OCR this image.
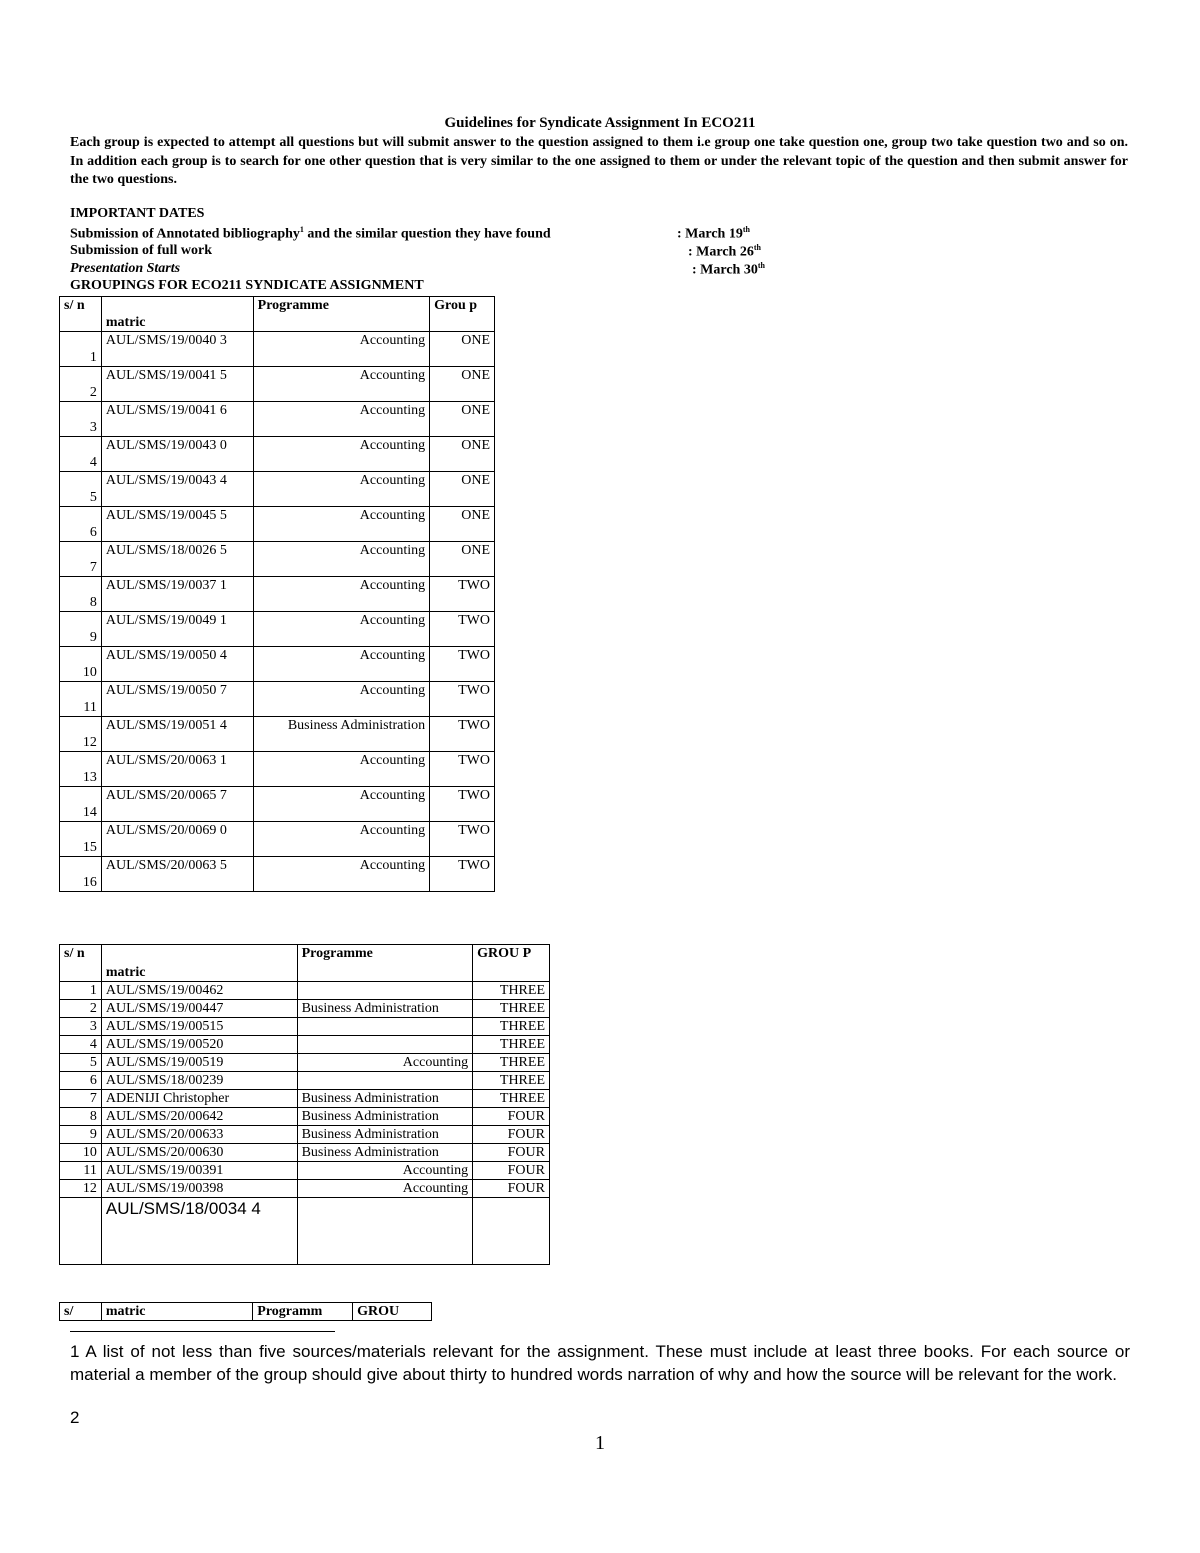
Guidelines for Syndicate Assignment In ECO211
Each group is expected to attempt all questions but will submit answer to the question assigned to them i.e group one take question one, group two take question two and so on. In addition each group is to search for one other question that is very similar to the one assigned to them or under the relevant topic of the question and then submit answer for the two questions.
IMPORTANT DATES
Submission of Annotated bibliography$^1$ and the similar question they have found	: March 19th
Submission of full work	: March 26th
Presentation Starts	: March 30th
GROUPINGS FOR ECO211 SYNDICATE ASSIGNMENT
s/ n	matric	Programme	Grou p
1	AUL/SMS/19/0040 3	Accounting	ONE
2	AUL/SMS/19/0041 5	Accounting	ONE
3	AUL/SMS/19/0041 6	Accounting	ONE
4	AUL/SMS/19/0043 0	Accounting	ONE
5	AUL/SMS/19/0043 4	Accounting	ONE
6	AUL/SMS/19/0045 5	Accounting	ONE
7	AUL/SMS/18/0026 5	Accounting	ONE
8	AUL/SMS/19/0037 1	Accounting	TWO
9	AUL/SMS/19/0049 1	Accounting	TWO
10	AUL/SMS/19/0050 4	Accounting	TWO
11	AUL/SMS/19/0050 7	Accounting	TWO
12	AUL/SMS/19/0051 4	Business Administration	TWO
13	AUL/SMS/20/0063 1	Accounting	TWO
14	AUL/SMS/20/0065 7	Accounting	TWO
15	AUL/SMS/20/0069 0	Accounting	TWO
16	AUL/SMS/20/0063 5	Accounting	TWO
s/ n	matric	Programme	GROU P
1	AUL/SMS/19/00462		THREE
2	AUL/SMS/19/00447	Business Administration	THREE
3	AUL/SMS/19/00515		THREE
4	AUL/SMS/19/00520		THREE
5	AUL/SMS/19/00519	Accounting	THREE
6	AUL/SMS/18/00239		THREE
7	ADENIJI Christopher	Business Administration	THREE
8	AUL/SMS/20/00642	Business Administration	FOUR
9	AUL/SMS/20/00633	Business Administration	FOUR
10	AUL/SMS/20/00630	Business Administration	FOUR
11	AUL/SMS/19/00391	Accounting	FOUR
12	AUL/SMS/19/00398	Accounting	FOUR
	AUL/SMS/18/0034 4		
s/	matric	Programm	GROU
1 A list of not less than five sources/materials relevant for the assignment. These must include at least three books. For each source or material a member of the group should give about thirty to hundred words narration of why and how the source will be relevant for the work.
2
1
